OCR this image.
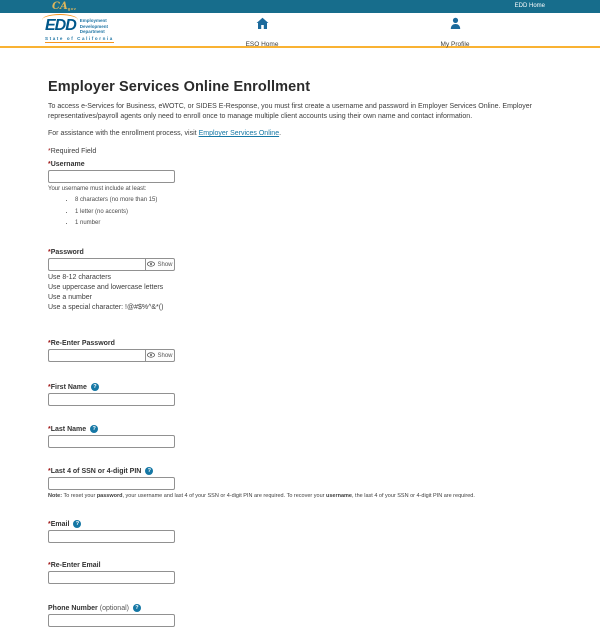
CAgov	EDD Home
EDD Employment
Development
Department
State of California
ESO Home	My Profile
Employer Services Online Enrollment

To access e-Services for Business, eWOTC, or SIDES E-Response, you must first create a username and password in Employer Services Online. Employer representatives/payroll agents only need to enroll once to manage multiple client accounts using their own name and contact information.

For assistance with the enrollment process, visit Employer Services Online.

*Required Field

* Username
Your username must include at least:
• 8 characters (no more than 15)
• 1 letter (no accents)
• 1 number
* Password
Show
Use 8-12 characters
Use uppercase and lowercase letters
Use a number
Use a special character: !@#$%^&*()
* Re-Enter Password
Show
* First Name	?
* Last Name	?
* Last 4 of SSN or 4-digit PIN	?

Note: To reset your password, your username and last 4 of your SSN or 4-digit PIN are required. To recover your username, the last 4 of your SSN or 4-digit PIN are required.

* Email	?
* Re-Enter Email
Phone Number (optional)	?
